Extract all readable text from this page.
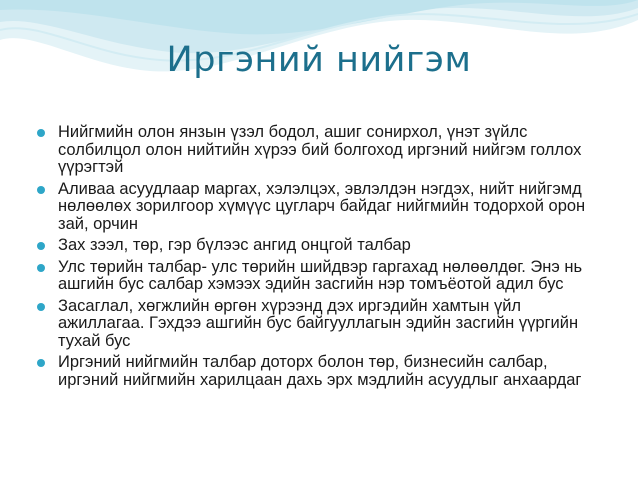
Иргэний нийгэм
Нийгмийн олон янзын үзэл бодол, ашиг сонирхол, үнэт зүйлс солбилцол олон нийтийн хүрээ бий болгоход иргэний нийгэм голлох үүрэгтэй
Аливаа асуудлаар маргах, хэлэлцэх, эвлэлдэн нэгдэх, нийт нийгэмд нөлөөлөх зорилгоор хүмүүс цугларч байдаг нийгмийн тодорхой орон зай, орчин
Зах зээл, төр, гэр бүлээс ангид онцгой талбар
Улс төрийн талбар- улс төрийн шийдвэр гаргахад нөлөөлдөг. Энэ нь ашгийн бус салбар хэмээх эдийн засгийн нэр томъёотой адил бус
Засаглал, хөгжлийн өргөн хүрээнд дэх иргэдийн хамтын үйл ажиллагаа. Гэхдээ ашгийн бус байгууллагын эдийн засгийн үүргийн тухай бус
Иргэний нийгмийн талбар доторх болон төр, бизнесийн салбар, иргэний нийгмийн харилцаан дахь эрх мэдлийн асуудлыг анхаардаг
